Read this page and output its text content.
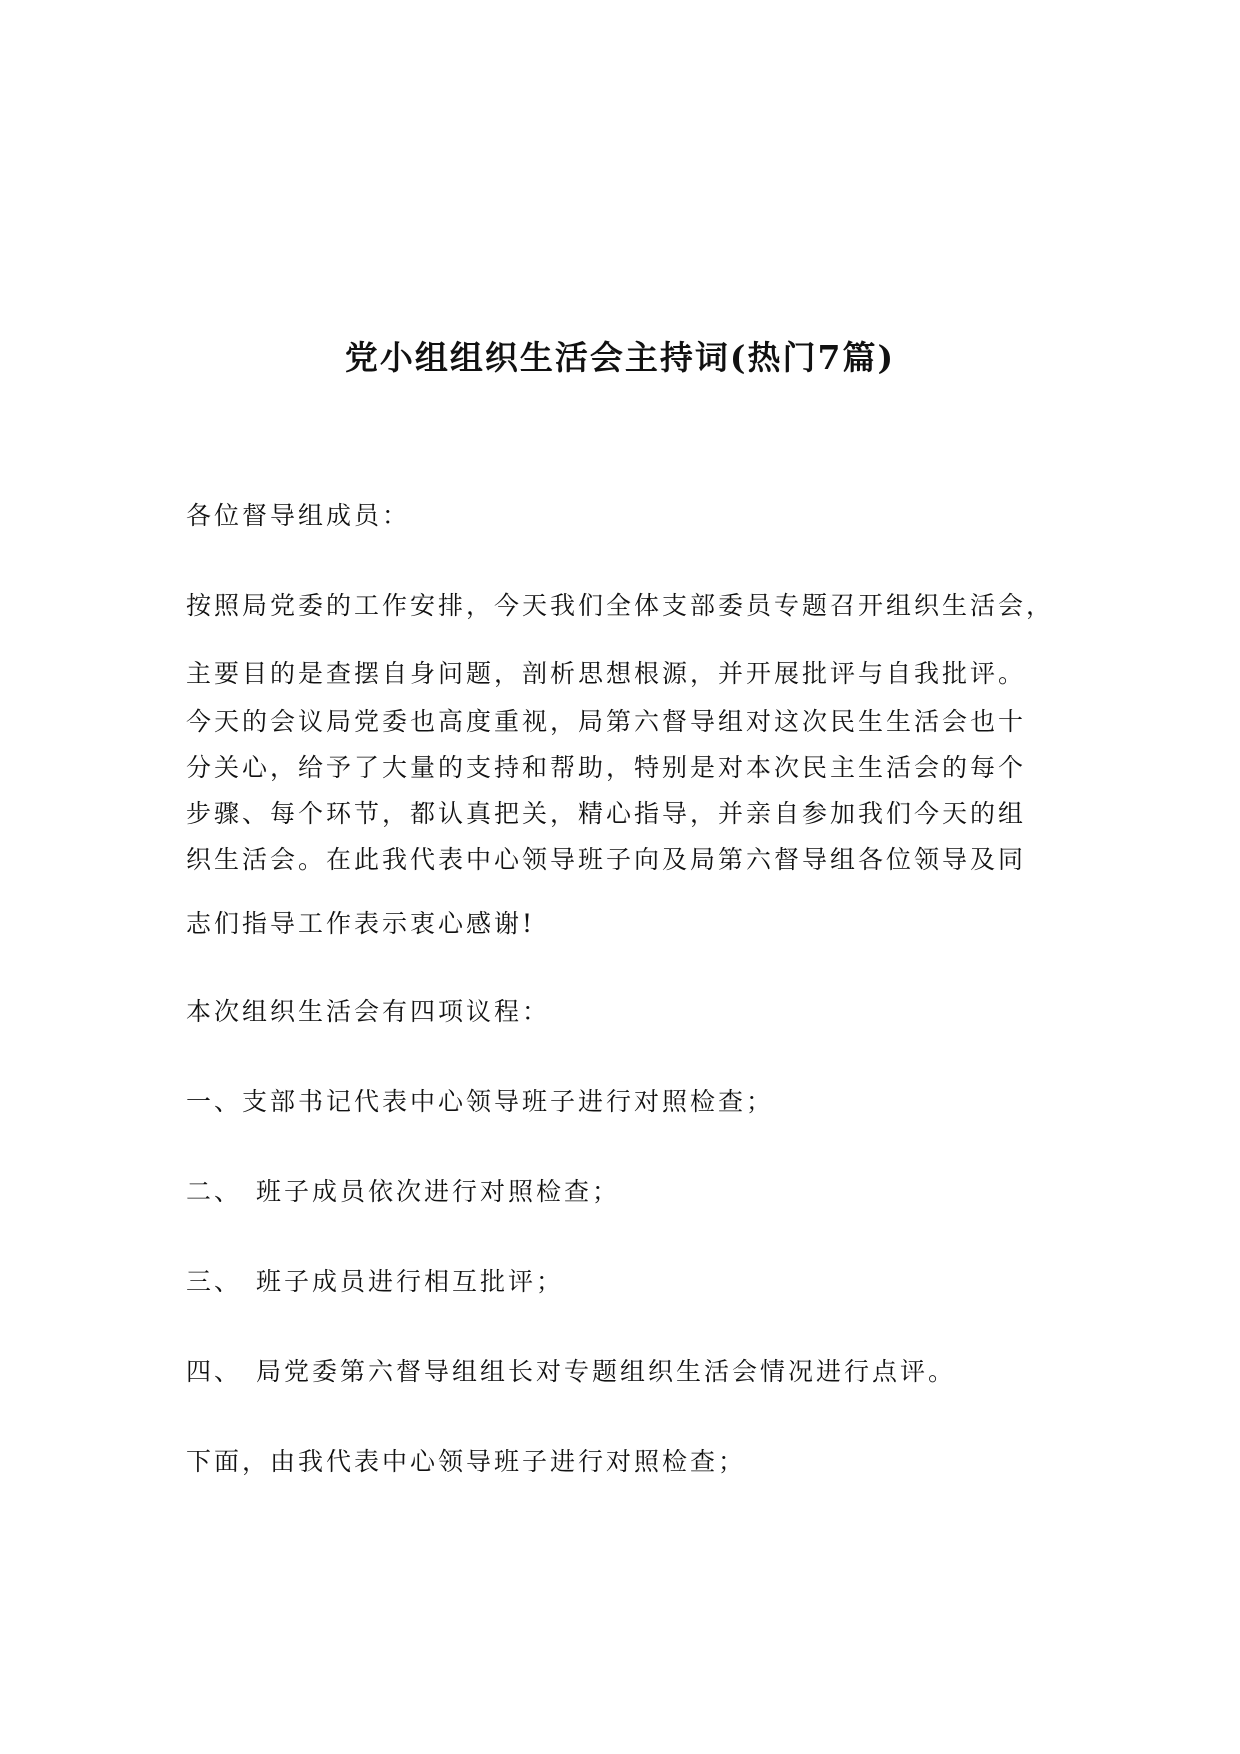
党小组组织生活会主持词(热门7篇)
各位督导组成员：
按照局党委的工作安排，今天我们全体支部委员专题召开组织生活会，
主要目的是查摆自身问题，剖析思想根源，并开展批评与自我批评。
今天的会议局党委也高度重视，局第六督导组对这次民生生活会也十
分关心，给予了大量的支持和帮助，特别是对本次民主生活会的每个
步骤、每个环节，都认真把关，精心指导，并亲自参加我们今天的组
织生活会。在此我代表中心领导班子向及局第六督导组各位领导及同
志们指导工作表示衷心感谢!
本次组织生活会有四项议程：
一、支部书记代表中心领导班子进行对照检查；
二、 班子成员依次进行对照检查；
三、 班子成员进行相互批评；
四、 局党委第六督导组组长对专题组织生活会情况进行点评。
下面，由我代表中心领导班子进行对照检查；
